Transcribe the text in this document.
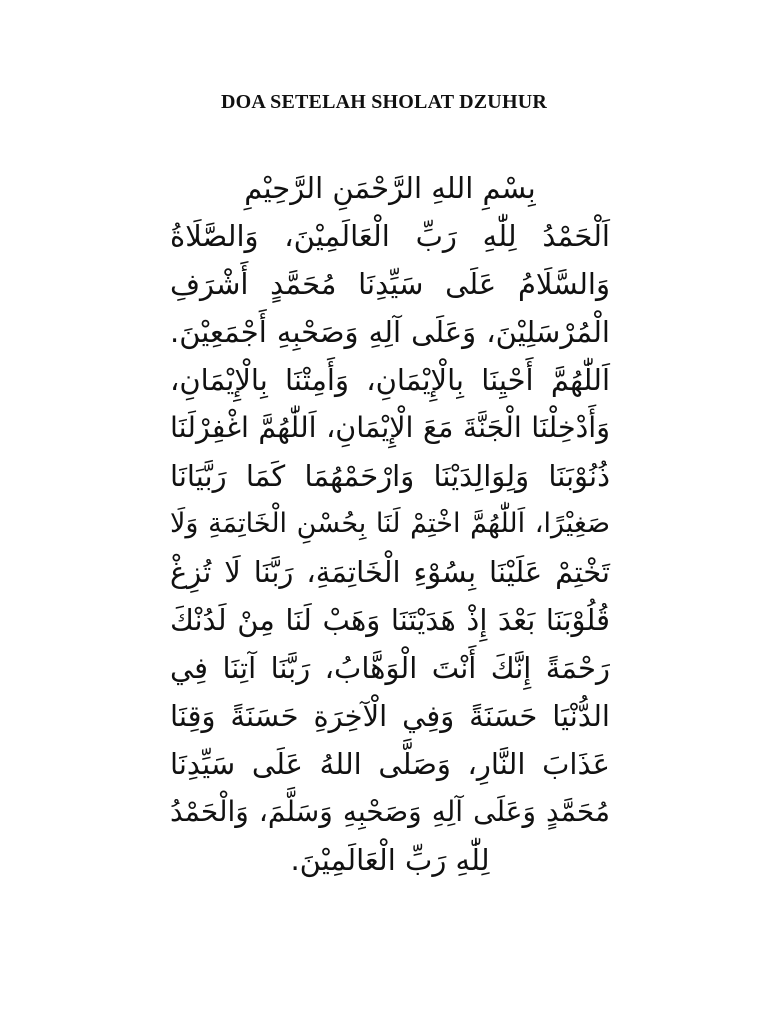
DOA SETELAH SHOLAT DZUHUR
بِسْمِ اللهِ الرَّحْمَنِ الرَّحِيْمِ
اَلْحَمْدُ لِلّٰهِ رَبِّ الْعَالَمِيْنَ، وَالصَّلَاةُ
وَالسَّلَامُ عَلَى سَيِّدِنَا مُحَمَّدٍ أَشْرَفِ
الْمُرْسَلِيْنَ، وَعَلَى آلِهِ وَصَحْبِهِ أَجْمَعِيْنَ.
اَللّٰهُمَّ أَحْيِنَا بِالْإِيْمَانِ، وَأَمِتْنَا بِالْإِيْمَانِ،
وَأَدْخِلْنَا الْجَنَّةَ مَعَ الْإِيْمَانِ، اَللّٰهُمَّ اغْفِرْلَنَا
ذُنُوْبَنَا وَلِوَالِدَيْنَا وَارْحَمْهُمَا كَمَا رَبَّيَانَا
صَغِيْرًا، اَللّٰهُمَّ اخْتِمْ لَنَا بِحُسْنِ الْخَاتِمَةِ وَلَا
تَخْتِمْ عَلَيْنَا بِسُوْءِ الْخَاتِمَةِ، رَبَّنَا لَا تُزِغْ
قُلُوْبَنَا بَعْدَ إِذْ هَدَيْتَنَا وَهَبْ لَنَا مِنْ لَدُنْكَ
رَحْمَةً إِنَّكَ أَنْتَ الْوَهَّابُ، رَبَّنَا آتِنَا فِي
الدُّنْيَا حَسَنَةً وَفِي الْآخِرَةِ حَسَنَةً وَقِنَا
عَذَابَ النَّارِ، وَصَلَّى اللهُ عَلَى سَيِّدِنَا
مُحَمَّدٍ وَعَلَى آلِهِ وَصَحْبِهِ وَسَلَّمَ، وَالْحَمْدُ
لِلّٰهِ رَبِّ الْعَالَمِيْنَ.
